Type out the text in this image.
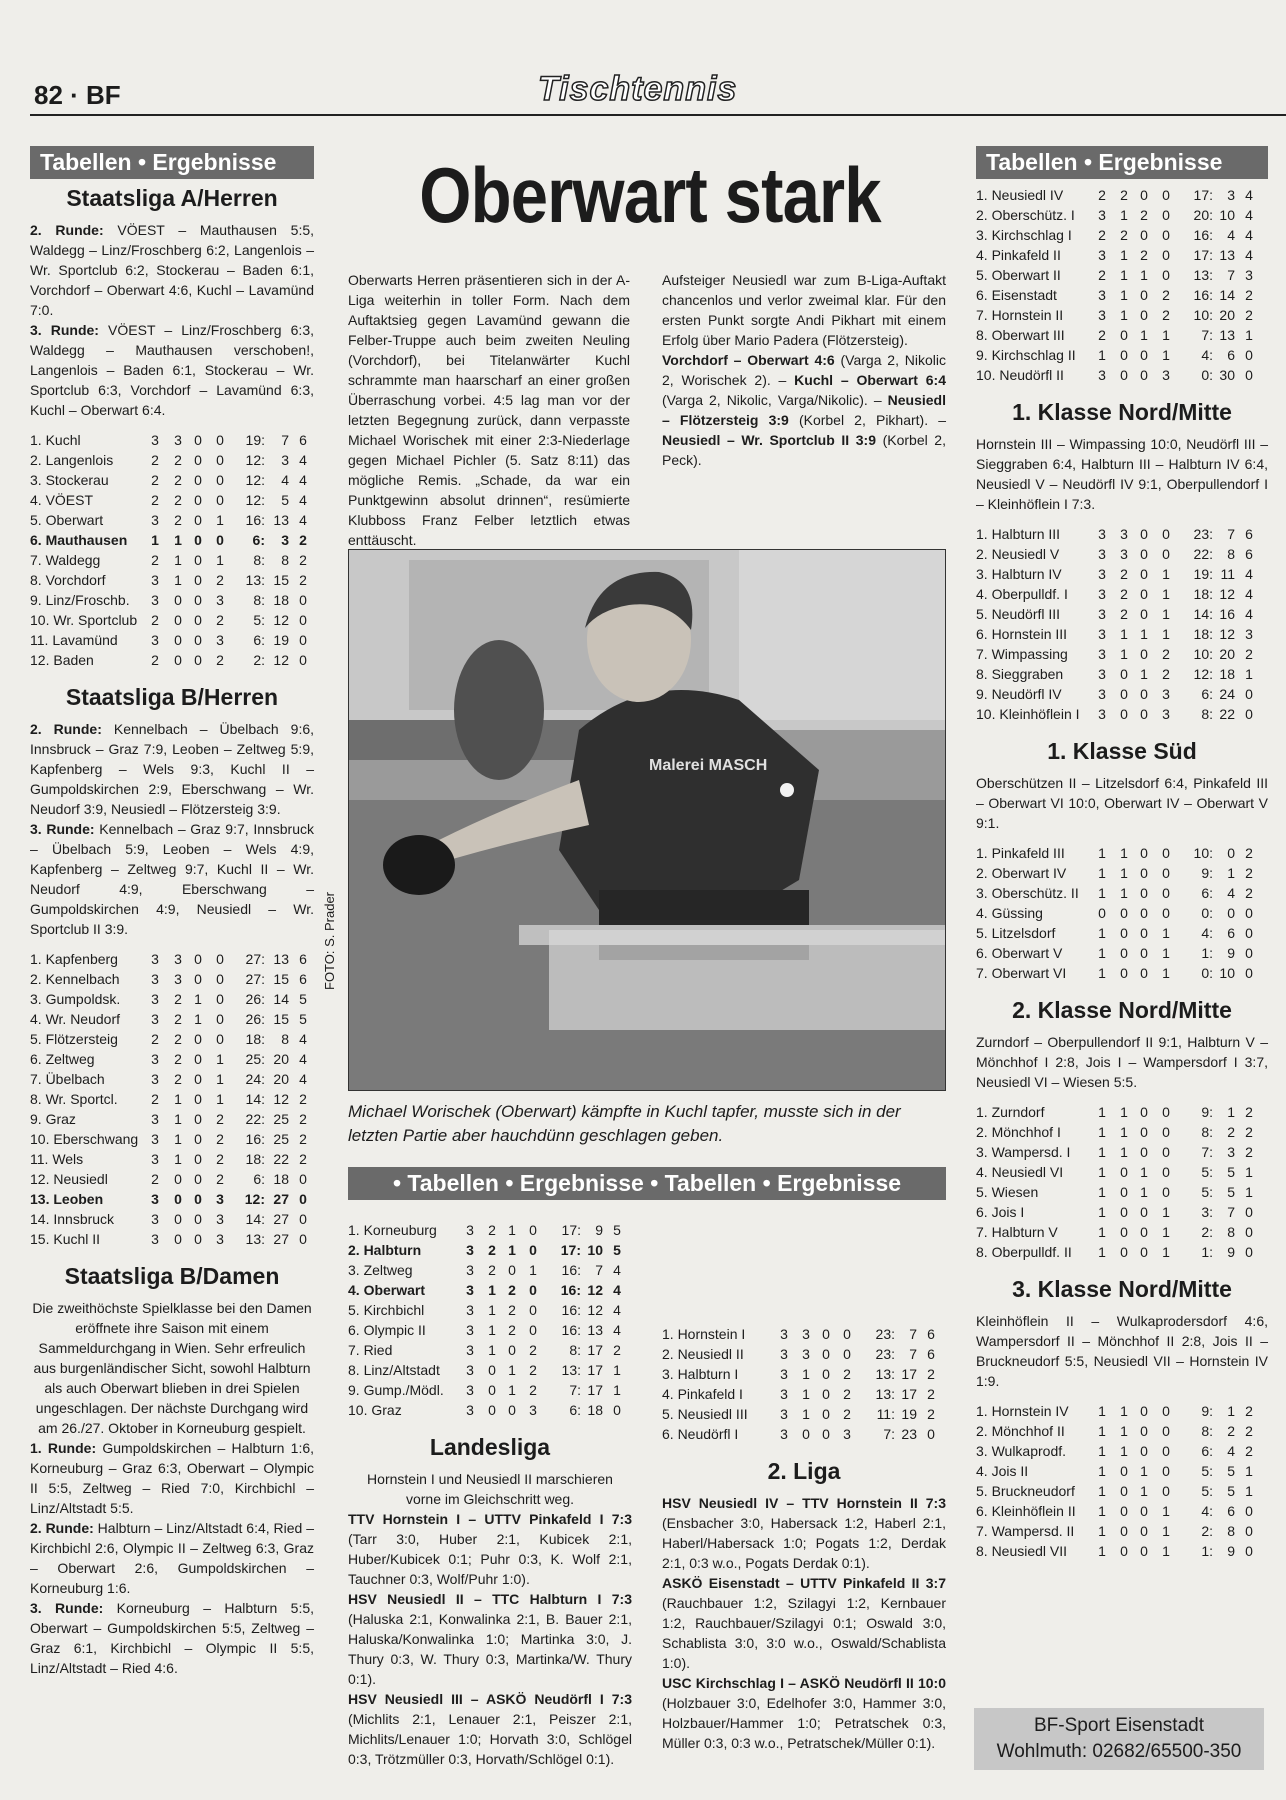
82 · BF	Tischtennis
Tabellen • Ergebnisse
Staatsliga A/Herren

2. Runde: VÖEST – Mauthausen 5:5, Waldegg – Linz/Froschberg 6:2, Langenlois – Wr. Sportclub 6:2, Stockerau – Baden 6:1, Vorchdorf – Oberwart 4:6, Kuchl – Lavamünd 7:0.

3. Runde: VÖEST – Linz/Froschberg 6:3, Waldegg – Mauthausen verschoben!, Langenlois – Baden 6:1, Stockerau – Wr. Sportclub 6:3, Vorchdorf – Lavamünd 6:3, Kuchl – Oberwart 6:4.

1. Kuchl	3	3	0	0	19:	7	6
2. Langenlois	2	2	0	0	12:	3	4
3. Stockerau	2	2	0	0	12:	4	4
4. VÖEST	2	2	0	0	12:	5	4
5. Oberwart	3	2	0	1	16:	13	4
6. Mauthausen	1	1	0	0	6:	3	2
7. Waldegg	2	1	0	1	8:	8	2
8. Vorchdorf	3	1	0	2	13:	15	2
9. Linz/Froschb.	3	0	0	3	8:	18	0
10. Wr. Sportclub	2	0	0	2	5:	12	0
11. Lavamünd	3	0	0	3	6:	19	0
12. Baden	2	0	0	2	2:	12	0
Staatsliga B/Herren

2. Runde: Kennelbach – Übelbach 9:6, Innsbruck – Graz 7:9, Leoben – Zeltweg 5:9, Kapfenberg – Wels 9:3, Kuchl II – Gumpoldskirchen 2:9, Eberschwang – Wr. Neudorf 3:9, Neusiedl – Flötzersteig 3:9.

3. Runde: Kennelbach – Graz 9:7, Innsbruck – Übelbach 5:9, Leoben – Wels 4:9, Kapfenberg – Zeltweg 9:7, Kuchl II – Wr. Neudorf 4:9, Eberschwang – Gumpoldskirchen 4:9, Neusiedl – Wr. Sportclub II 3:9.

1. Kapfenberg	3	3	0	0	27:	13	6
2. Kennelbach	3	3	0	0	27:	15	6
3. Gumpoldsk.	3	2	1	0	26:	14	5
4. Wr. Neudorf	3	2	1	0	26:	15	5
5. Flötzersteig	2	2	0	0	18:	8	4
6. Zeltweg	3	2	0	1	25:	20	4
7. Übelbach	3	2	0	1	24:	20	4
8. Wr. Sportcl.	2	1	0	1	14:	12	2
9. Graz	3	1	0	2	22:	25	2
10. Eberschwang	3	1	0	2	16:	25	2
11. Wels	3	1	0	2	18:	22	2
12. Neusiedl	2	0	0	2	6:	18	0
13. Leoben	3	0	0	3	12:	27	0
14. Innsbruck	3	0	0	3	14:	27	0
15. Kuchl II	3	0	0	3	13:	27	0
Staatsliga B/Damen

Die zweithöchste Spielklasse bei den Damen eröffnete ihre Saison mit einem Sammeldurchgang in Wien. Sehr erfreulich aus burgenländischer Sicht, sowohl Halbturn als auch Oberwart blieben in drei Spielen ungeschlagen. Der nächste Durchgang wird am 26./27. Oktober in Korneuburg gespielt.

1. Runde: Gumpoldskirchen – Halbturn 1:6, Korneuburg – Graz 6:3, Oberwart – Olympic II 5:5, Zeltweg – Ried 7:0, Kirchbichl – Linz/Altstadt 5:5.

2. Runde: Halbturn – Linz/Altstadt 6:4, Ried – Kirchbichl 2:6, Olympic II – Zeltweg 6:3, Graz – Oberwart 2:6, Gumpoldskirchen – Korneuburg 1:6.

3. Runde: Korneuburg – Halbturn 5:5, Oberwart – Gumpoldskirchen 5:5, Zeltweg – Graz 6:1, Kirchbichl – Olympic II 5:5, Linz/Altstadt – Ried 4:6.

Oberwart stark

Oberwarts Herren präsentieren sich in der A-Liga weiterhin in toller Form. Nach dem Auftaktsieg gegen Lavamünd gewann die Felber-Truppe auch beim zweiten Neuling (Vorchdorf), bei Titelanwärter Kuchl schrammte man haarscharf an einer großen Überraschung vorbei. 4:5 lag man vor der letzten Begegnung zurück, dann verpasste Michael Worischek mit einer 2:3-Niederlage gegen Michael Pichler (5. Satz 8:11) das mögliche Remis. „Schade, da war ein Punktgewinn absolut drinnen“, resümierte Klubboss Franz Felber letztlich etwas enttäuscht.

Aufsteiger Neusiedl war zum B-Liga-Auftakt chancenlos und verlor zweimal klar. Für den ersten Punkt sorgte Andi Pikhart mit einem Erfolg über Mario Padera (Flötzersteig).

Vorchdorf – Oberwart 4:6 (Varga 2, Nikolic 2, Worischek 2). – Kuchl – Oberwart 6:4 (Varga 2, Nikolic, Varga/Nikolic). – Neusiedl – Flötzersteig 3:9 (Korbel 2, Pikhart). – Neusiedl – Wr. Sportclub II 3:9 (Korbel 2, Peck).

Malerei MASCH
FOTO: S. Prader
Michael Worischek (Oberwart) kämpfte in Kuchl tapfer, musste sich in der letzten Partie aber hauchdünn geschlagen geben.
• Tabellen • Ergebnisse • Tabellen • Ergebnisse
1. Korneuburg	3	2	1	0	17:	9	5
2. Halbturn	3	2	1	0	17:	10	5
3. Zeltweg	3	2	0	1	16:	7	4
4. Oberwart	3	1	2	0	16:	12	4
5. Kirchbichl	3	1	2	0	16:	12	4
6. Olympic II	3	1	2	0	16:	13	4
7. Ried	3	1	0	2	8:	17	2
8. Linz/Altstadt	3	0	1	2	13:	17	1
9. Gump./Mödl.	3	0	1	2	7:	17	1
10. Graz	3	0	0	3	6:	18	0
Landesliga

Hornstein I und Neusiedl II marschieren vorne im Gleichschritt weg.

TTV Hornstein I – UTTV Pinkafeld I 7:3 (Tarr 3:0, Huber 2:1, Kubicek 2:1, Huber/Kubicek 0:1; Puhr 0:3, K. Wolf 2:1, Tauchner 0:3, Wolf/Puhr 1:0).

HSV Neusiedl II – TTC Halbturn I 7:3 (Haluska 2:1, Konwalinka 2:1, B. Bauer 2:1, Haluska/Konwalinka 1:0; Martinka 3:0, J. Thury 0:3, W. Thury 0:3, Martinka/W. Thury 0:1).

HSV Neusiedl III – ASKÖ Neudörfl I 7:3 (Michlits 2:1, Lenauer 2:1, Peiszer 2:1, Michlits/Lenauer 1:0; Horvath 3:0, Schlögel 0:3, Trötzmüller 0:3, Horvath/Schlögel 0:1).

1. Hornstein I	3	3	0	0	23:	7	6
2. Neusiedl II	3	3	0	0	23:	7	6
3. Halbturn I	3	1	0	2	13:	17	2
4. Pinkafeld I	3	1	0	2	13:	17	2
5. Neusiedl III	3	1	0	2	11:	19	2
6. Neudörfl I	3	0	0	3	7:	23	0
2. Liga

HSV Neusiedl IV – TTV Hornstein II 7:3 (Ensbacher 3:0, Habersack 1:2, Haberl 2:1, Haberl/Habersack 1:0; Pogats 1:2, Derdak 2:1, 0:3 w.o., Pogats Derdak 0:1).

ASKÖ Eisenstadt – UTTV Pinkafeld II 3:7 (Rauchbauer 1:2, Szilagyi 1:2, Kernbauer 1:2, Rauchbauer/Szilagyi 0:1; Oswald 3:0, Schablista 3:0, 3:0 w.o., Oswald/Schablista 1:0).

USC Kirchschlag I – ASKÖ Neudörfl II 10:0 (Holzbauer 3:0, Edelhofer 3:0, Hammer 3:0, Holzbauer/Hammer 1:0; Petratschek 0:3, Müller 0:3, 0:3 w.o., Petratschek/Müller 0:1).

Tabellen • Ergebnisse
1. Neusiedl IV	2	2	0	0	17:	3	4
2. Oberschütz. I	3	1	2	0	20:	10	4
3. Kirchschlag I	2	2	0	0	16:	4	4
4. Pinkafeld II	3	1	2	0	17:	13	4
5. Oberwart II	2	1	1	0	13:	7	3
6. Eisenstadt	3	1	0	2	16:	14	2
7. Hornstein II	3	1	0	2	10:	20	2
8. Oberwart III	2	0	1	1	7:	13	1
9. Kirchschlag II	1	0	0	1	4:	6	0
10. Neudörfl II	3	0	0	3	0:	30	0
1. Klasse Nord/Mitte

Hornstein III – Wimpassing 10:0, Neudörfl III – Sieggraben 6:4, Halbturn III – Halbturn IV 6:4, Neusiedl V – Neudörfl IV 9:1, Oberpullendorf I – Kleinhöflein I 7:3.

1. Halbturn III	3	3	0	0	23:	7	6
2. Neusiedl V	3	3	0	0	22:	8	6
3. Halbturn IV	3	2	0	1	19:	11	4
4. Oberpulldf. I	3	2	0	1	18:	12	4
5. Neudörfl III	3	2	0	1	14:	16	4
6. Hornstein III	3	1	1	1	18:	12	3
7. Wimpassing	3	1	0	2	10:	20	2
8. Sieggraben	3	0	1	2	12:	18	1
9. Neudörfl IV	3	0	0	3	6:	24	0
10. Kleinhöflein I	3	0	0	3	8:	22	0
1. Klasse Süd

Oberschützen II – Litzelsdorf 6:4, Pinkafeld III – Oberwart VI 10:0, Oberwart IV – Oberwart V 9:1.

1. Pinkafeld III	1	1	0	0	10:	0	2
2. Oberwart IV	1	1	0	0	9:	1	2
3. Oberschütz. II	1	1	0	0	6:	4	2
4. Güssing	0	0	0	0	0:	0	0
5. Litzelsdorf	1	0	0	1	4:	6	0
6. Oberwart V	1	0	0	1	1:	9	0
7. Oberwart VI	1	0	0	1	0:	10	0
2. Klasse Nord/Mitte

Zurndorf – Oberpullendorf II 9:1, Halbturn V – Mönchhof I 2:8, Jois I – Wampersdorf I 3:7, Neusiedl VI – Wiesen 5:5.

1. Zurndorf	1	1	0	0	9:	1	2
2. Mönchhof I	1	1	0	0	8:	2	2
3. Wampersd. I	1	1	0	0	7:	3	2
4. Neusiedl VI	1	0	1	0	5:	5	1
5. Wiesen	1	0	1	0	5:	5	1
6. Jois I	1	0	0	1	3:	7	0
7. Halbturn V	1	0	0	1	2:	8	0
8. Oberpulldf. II	1	0	0	1	1:	9	0
3. Klasse Nord/Mitte

Kleinhöflein II – Wulkaprodersdorf 4:6, Wampersdorf II – Mönchhof II 2:8, Jois II – Bruckneudorf 5:5, Neusiedl VII – Hornstein IV 1:9.

1. Hornstein IV	1	1	0	0	9:	1	2
2. Mönchhof II	1	1	0	0	8:	2	2
3. Wulkaprodf.	1	1	0	0	6:	4	2
4. Jois II	1	0	1	0	5:	5	1
5. Bruckneudorf	1	0	1	0	5:	5	1
6. Kleinhöflein II	1	0	0	1	4:	6	0
7. Wampersd. II	1	0	0	1	2:	8	0
8. Neusiedl VII	1	0	0	1	1:	9	0
BF-Sport Eisenstadt
Wohlmuth: 02682/65500-350
